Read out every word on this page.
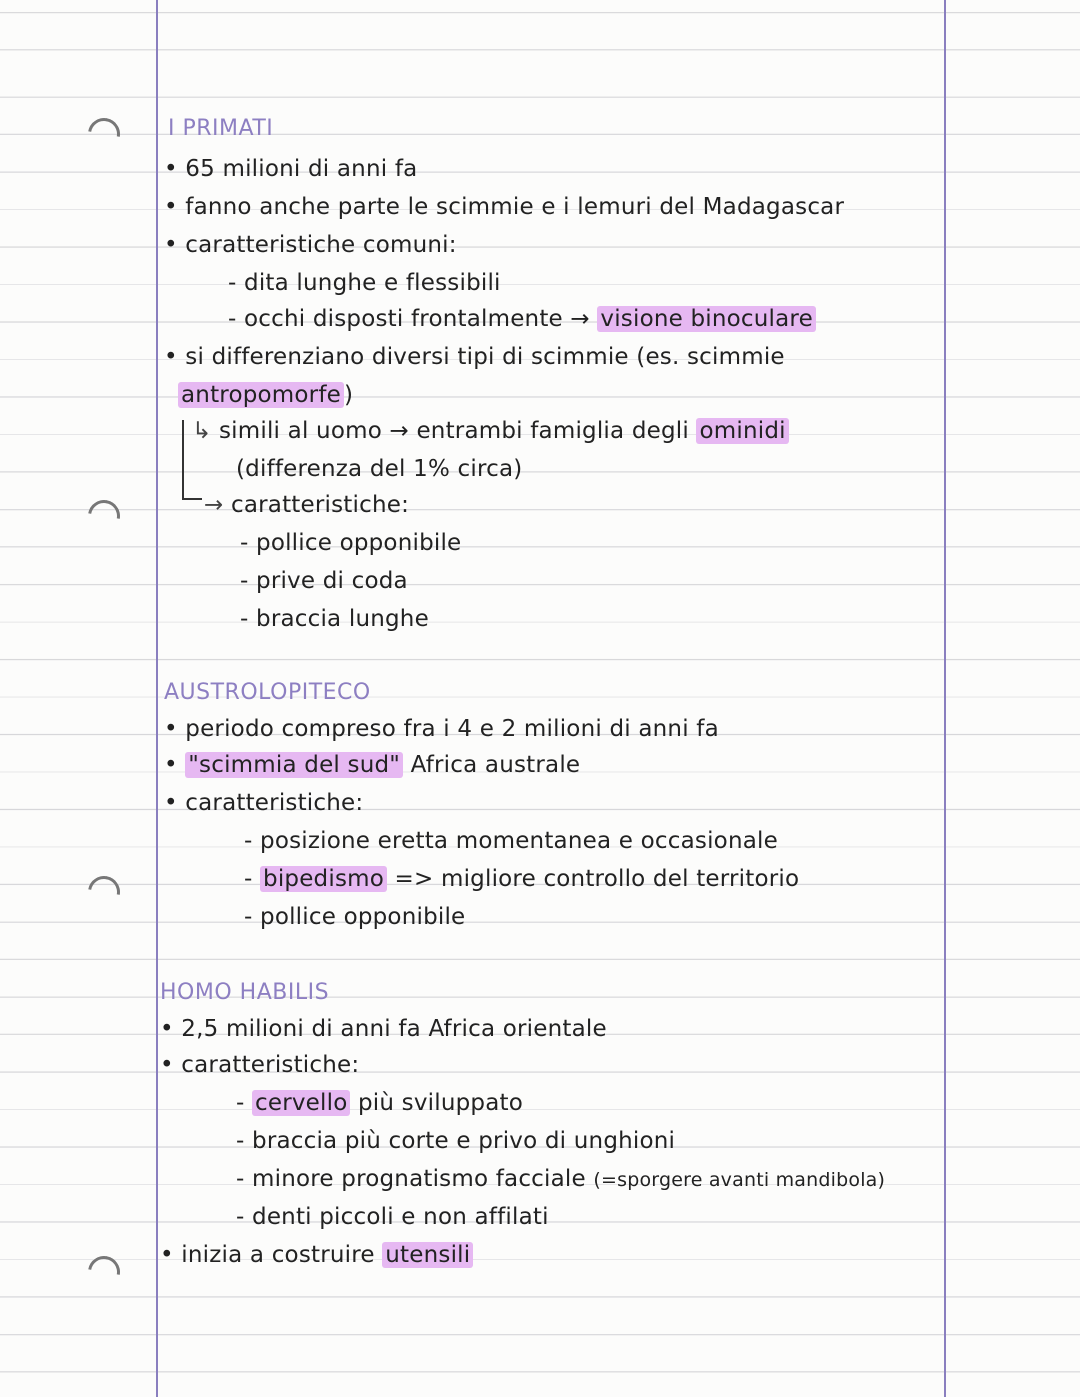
I PRIMATI
• 65 milioni di anni fa
• fanno anche parte le scimmie e i lemuri del Madagascar
• caratteristiche comuni:
- dita lunghe e flessibili
- occhi disposti frontalmente → visione binoculare
• si differenziano diversi tipi di scimmie (es. scimmie
antropomorfe )
↳ simili al uomo → entrambi famiglia degli ominidi
(differenza del 1% circa)
→ caratteristiche:
- pollice opponibile
- prive di coda
- braccia lunghe
AUSTROLOPITECO
• periodo compreso fra i 4 e 2 milioni di anni fa
• "scimmia del sud" Africa australe
• caratteristiche:
- posizione eretta momentanea e occasionale
- bipedismo => migliore controllo del territorio
- pollice opponibile
HOMO HABILIS
• 2,5 milioni di anni fa Africa orientale
• caratteristiche:
- cervello più sviluppato
- braccia più corte e privo di unghioni
- minore prognatismo facciale (=sporgere avanti mandibola)
- denti piccoli e non affilati
• inizia a costruire utensili
